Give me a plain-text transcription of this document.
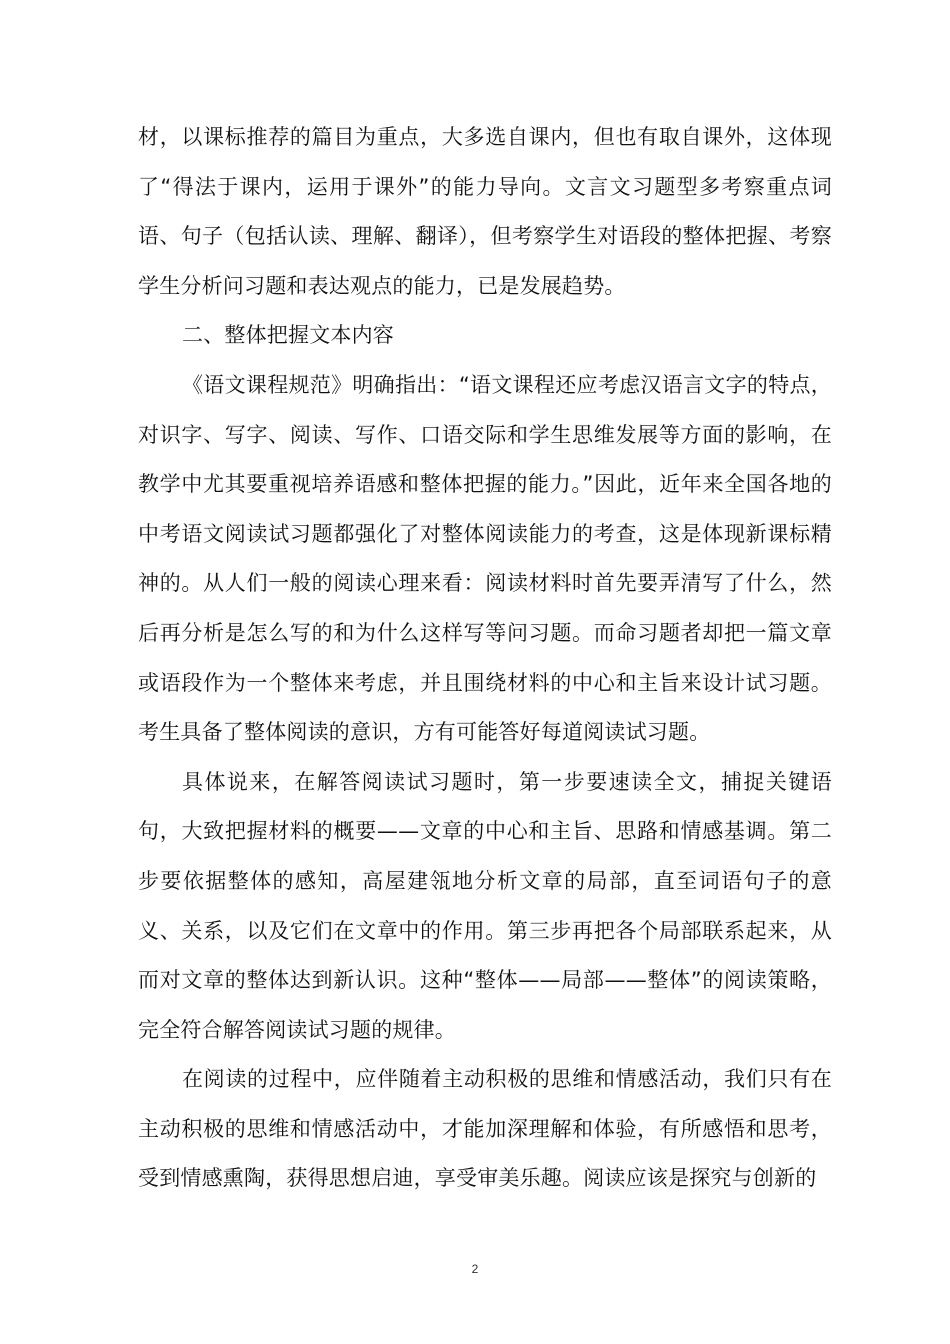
材，以课标推荐的篇目为重点，大多选自课内，但也有取自课外，这体现了“得法于课内，运用于课外”的能力导向。文言文习题型多考察重点词语、句子（包括认读、理解、翻译），但考察学生对语段的整体把握、考察学生分析问习题和表达观点的能力，已是发展趋势。

二、整体把握文本内容

《语文课程规范》明确指出：“语文课程还应考虑汉语言文字的特点，对识字、写字、阅读、写作、口语交际和学生思维发展等方面的影响，在教学中尤其要重视培养语感和整体把握的能力。”因此，近年来全国各地的中考语文阅读试习题都强化了对整体阅读能力的考查，这是体现新课标精神的。从人们一般的阅读心理来看：阅读材料时首先要弄清写了什么，然后再分析是怎么写的和为什么这样写等问习题。而命习题者却把一篇文章或语段作为一个整体来考虑，并且围绕材料的中心和主旨来设计试习题。考生具备了整体阅读的意识，方有可能答好每道阅读试习题。

具体说来，在解答阅读试习题时，第一步要速读全文，捕捉关键语句，大致把握材料的概要——文章的中心和主旨、思路和情感基调。第二步要依据整体的感知，高屋建瓴地分析文章的局部，直至词语句子的意义、关系，以及它们在文章中的作用。第三步再把各个局部联系起来，从而对文章的整体达到新认识。这种“整体——局部——整体”的阅读策略，完全符合解答阅读试习题的规律。

在阅读的过程中，应伴随着主动积极的思维和情感活动，我们只有在主动积极的思维和情感活动中，才能加深理解和体验，有所感悟和思考，受到情感熏陶，获得思想启迪，享受审美乐趣。阅读应该是探究与创新的

2
